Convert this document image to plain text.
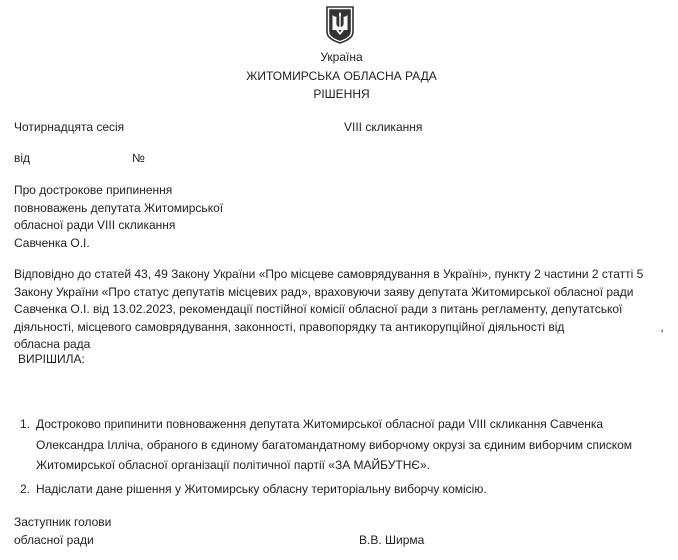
Україна
ЖИТОМИРСЬКА ОБЛАСНА РАДА
РІШЕННЯ
Чотирнадцята сесія	VIII скликання
від	№
Про дострокове припинення
повноважень депутата Житомирської
обласної ради VIII скликання
Савченка О.І.
Відповідно до статей 43, 49 Закону України «Про місцеве самоврядування в Україні», пункту 2 частини 2 статті 5 Закону України «Про статус депутатів місцевих рад», враховуючи заяву депутата Житомирської обласної ради Савченка О.І. від 13.02.2023, рекомендації постійної комісії обласної ради з питань регламенту, депутатської діяльності, місцевого самоврядування, законності, правопорядку та антикорупційної діяльності від	, обласна рада
ВИРІШИЛА:
1. Достроково припинити повноваження депутата Житомирської обласної ради VIII скликання Савченка Олександра Ілліча, обраного в єдиному багатомандатному виборчому окрузі за єдиним виборчим списком Житомирської обласної організації політичної партії «ЗА МАЙБУТНЄ».
2. Надіслати дане рішення у Житомирську обласну територіальну виборчу комісію.
Заступник голови
обласної ради	В.В. Ширма
